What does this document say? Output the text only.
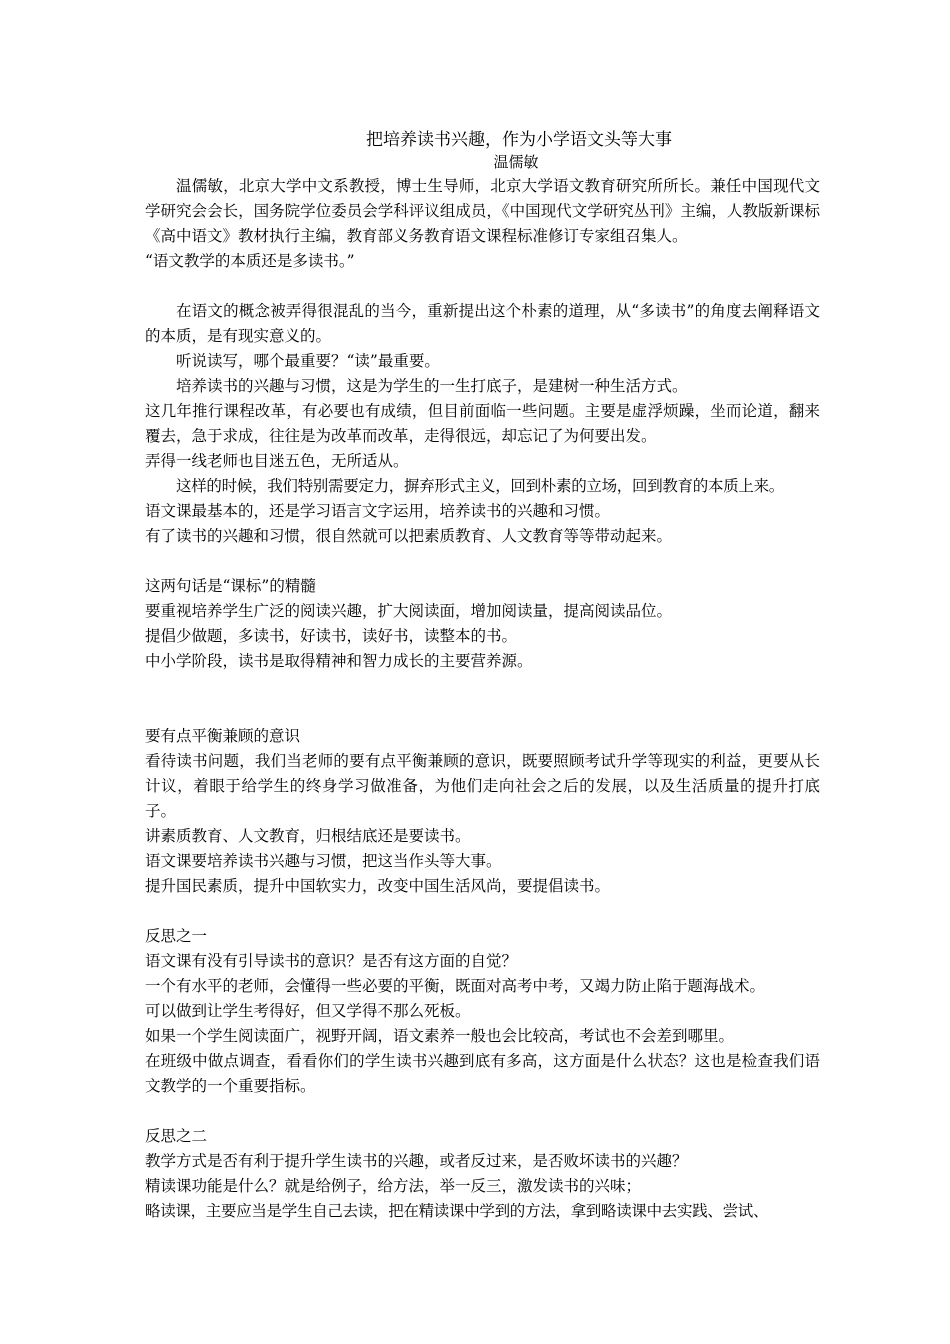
把培养读书兴趣，作为小学语文头等大事
温儒敏

温儒敏，北京大学中文系教授，博士生导师，北京大学语文教育研究所所长。兼任中国现代文学研究会会长，国务院学位委员会学科评议组成员，《中国现代文学研究丛刊》主编，人教版新课标《高中语文》教材执行主编，教育部义务教育语文课程标准修订专家组召集人。

“语文教学的本质还是多读书。”

在语文的概念被弄得很混乱的当今，重新提出这个朴素的道理，从“多读书”的角度去阐释语文的本质，是有现实意义的。

听说读写，哪个最重要？“读”最重要。

培养读书的兴趣与习惯，这是为学生的一生打底子，是建树一种生活方式。

这几年推行课程改革，有必要也有成绩，但目前面临一些问题。主要是虚浮烦躁，坐而论道，翻来覆去，急于求成，往往是为改革而改革，走得很远，却忘记了为何要出发。

弄得一线老师也目迷五色，无所适从。

这样的时候，我们特别需要定力，摒弃形式主义，回到朴素的立场，回到教育的本质上来。

语文课最基本的，还是学习语言文字运用，培养读书的兴趣和习惯。

有了读书的兴趣和习惯，很自然就可以把素质教育、人文教育等等带动起来。

这两句话是“课标”的精髓

要重视培养学生广泛的阅读兴趣，扩大阅读面，增加阅读量，提高阅读品位。

提倡少做题，多读书，好读书，读好书，读整本的书。

中小学阶段，读书是取得精神和智力成长的主要营养源。

要有点平衡兼顾的意识

看待读书问题，我们当老师的要有点平衡兼顾的意识，既要照顾考试升学等现实的利益，更要从长计议，着眼于给学生的终身学习做准备，为他们走向社会之后的发展，以及生活质量的提升打底子。

讲素质教育、人文教育，归根结底还是要读书。

语文课要培养读书兴趣与习惯，把这当作头等大事。

提升国民素质，提升中国软实力，改变中国生活风尚，要提倡读书。

反思之一

语文课有没有引导读书的意识？是否有这方面的自觉？

一个有水平的老师，会懂得一些必要的平衡，既面对高考中考，又竭力防止陷于题海战术。

可以做到让学生考得好，但又学得不那么死板。

如果一个学生阅读面广，视野开阔，语文素养一般也会比较高，考试也不会差到哪里。

在班级中做点调查，看看你们的学生读书兴趣到底有多高，这方面是什么状态？这也是检查我们语文教学的一个重要指标。

反思之二

教学方式是否有利于提升学生读书的兴趣，或者反过来，是否败坏读书的兴趣？

精读课功能是什么？就是给例子，给方法，举一反三，激发读书的兴味；

略读课，主要应当是学生自己去读，把在精读课中学到的方法，拿到略读课中去实践、尝试、
